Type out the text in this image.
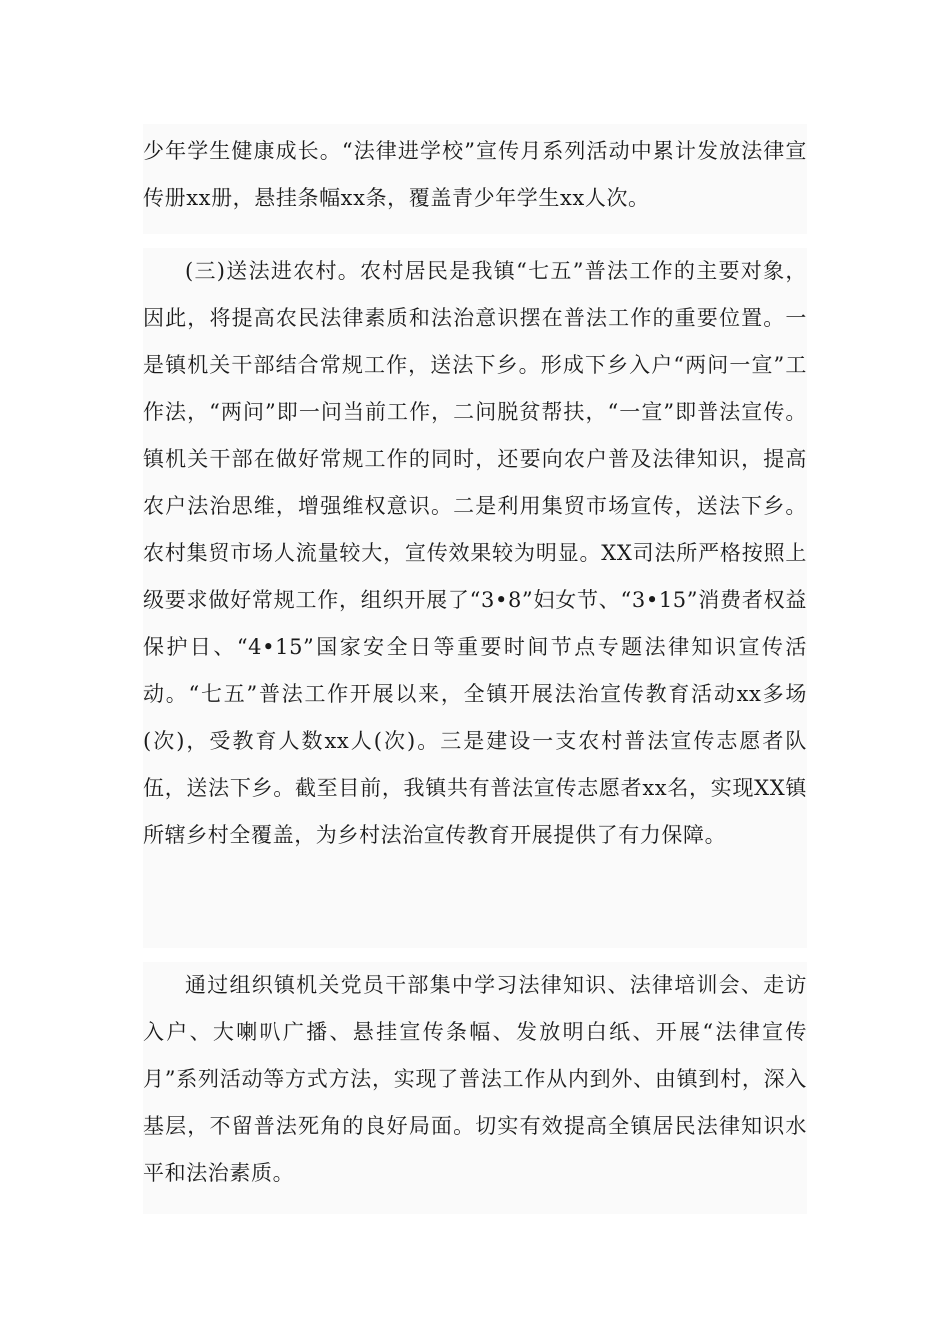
少年学生健康成长。“法律进学校”宣传月系列活动中累计发放法律宣传册xx册，悬挂条幅xx条，覆盖青少年学生xx人次。

(三)送法进农村。农村居民是我镇“七五”普法工作的主要对象，因此，将提高农民法律素质和法治意识摆在普法工作的重要位置。一是镇机关干部结合常规工作，送法下乡。形成下乡入户“两问一宣”工作法，“两问”即一问当前工作，二问脱贫帮扶，“一宣”即普法宣传。镇机关干部在做好常规工作的同时，还要向农户普及法律知识，提高农户法治思维，增强维权意识。二是利用集贸市场宣传，送法下乡。农村集贸市场人流量较大，宣传效果较为明显。XX司法所严格按照上级要求做好常规工作，组织开展了“3•8”妇女节、“3•15”消费者权益保护日、“4•15”国家安全日等重要时间节点专题法律知识宣传活动。“七五”普法工作开展以来，全镇开展法治宣传教育活动xx多场(次)，受教育人数xx人(次)。三是建设一支农村普法宣传志愿者队伍，送法下乡。截至目前，我镇共有普法宣传志愿者xx名，实现XX镇所辖乡村全覆盖，为乡村法治宣传教育开展提供了有力保障。

通过组织镇机关党员干部集中学习法律知识、法律培训会、走访入户、大喇叭广播、悬挂宣传条幅、发放明白纸、开展“法律宣传月”系列活动等方式方法，实现了普法工作从内到外、由镇到村，深入基层，不留普法死角的良好局面。切实有效提高全镇居民法律知识水平和法治素质。
